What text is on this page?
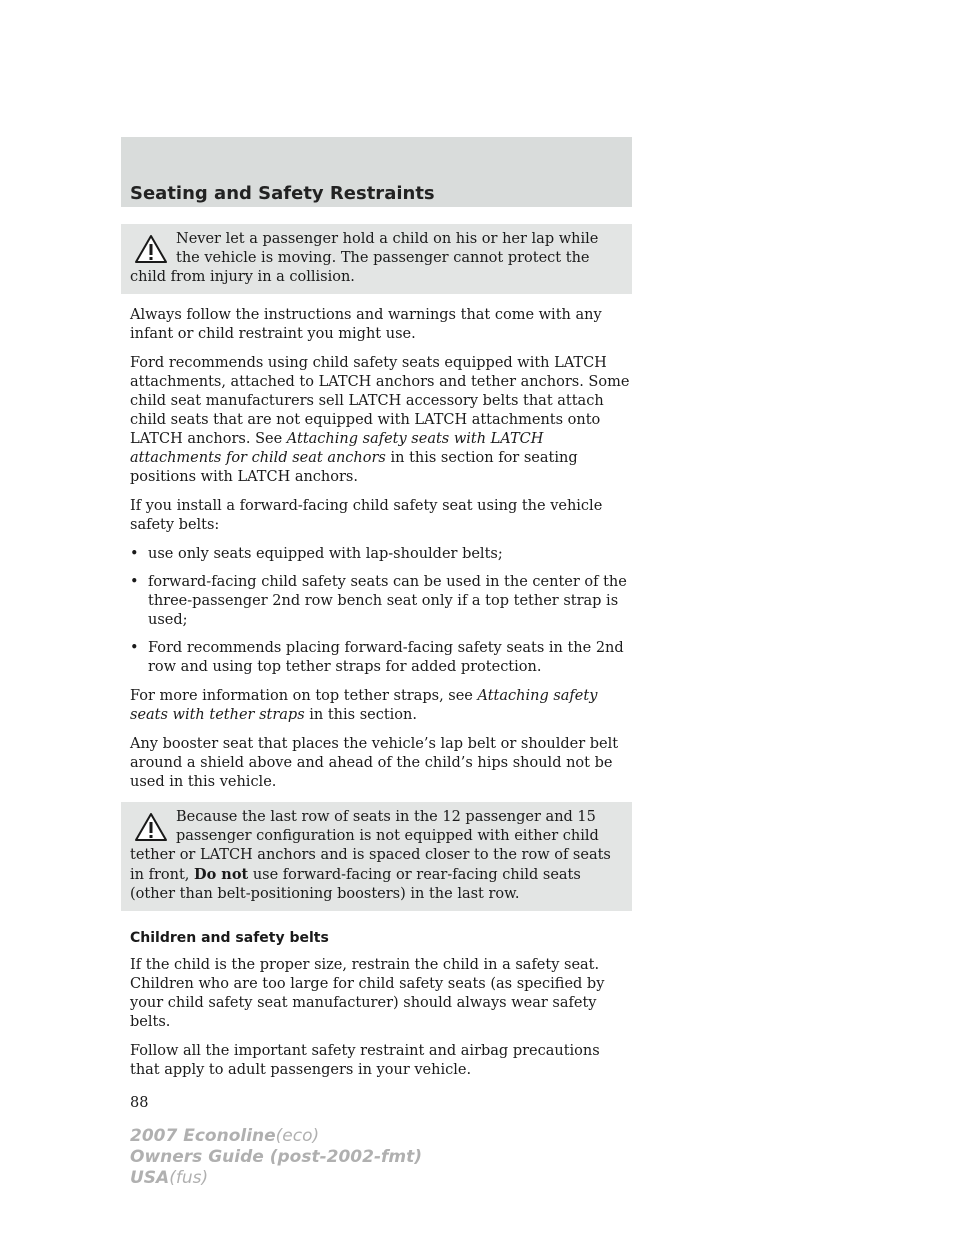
Seating and Safety Restraints

Never let a passenger hold a child on his or her lap while the vehicle is moving. The passenger cannot protect the child from injury in a collision.

Always follow the instructions and warnings that come with any infant or child restraint you might use.

Ford recommends using child safety seats equipped with LATCH attachments, attached to LATCH anchors and tether anchors. Some child seat manufacturers sell LATCH accessory belts that attach child seats that are not equipped with LATCH attachments onto LATCH anchors. See Attaching safety seats with LATCH attachments for child seat anchors in this section for seating positions with LATCH anchors.

If you install a forward-facing child safety seat using the vehicle safety belts:

• use only seats equipped with lap-shoulder belts;
• forward-facing child safety seats can be used in the center of the three-passenger 2nd row bench seat only if a top tether strap is used;
• Ford recommends placing forward-facing safety seats in the 2nd row and using top tether straps for added protection.

For more information on top tether straps, see Attaching safety seats with tether straps in this section.

Any booster seat that places the vehicle’s lap belt or shoulder belt around a shield above and ahead of the child’s hips should not be used in this vehicle.

Because the last row of seats in the 12 passenger and 15 passenger configuration is not equipped with either child tether or LATCH anchors and is spaced closer to the row of seats in front, Do not use forward-facing or rear-facing child seats (other than belt-positioning boosters) in the last row.

Children and safety belts

If the child is the proper size, restrain the child in a safety seat. Children who are too large for child safety seats (as specified by your child safety seat manufacturer) should always wear safety belts.

Follow all the important safety restraint and airbag precautions that apply to adult passengers in your vehicle.

88
2007 Econoline(eco)
Owners Guide (post-2002-fmt)
USA(fus)
